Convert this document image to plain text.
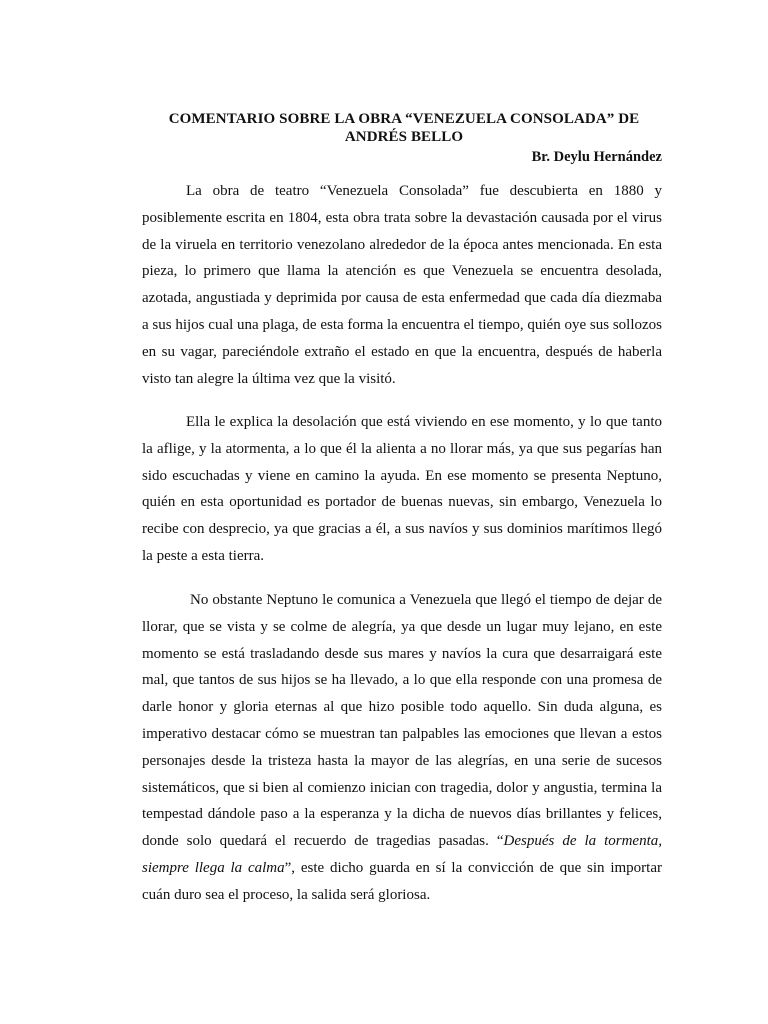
COMENTARIO SOBRE LA OBRA “VENEZUELA CONSOLADA” DE
ANDRÉS BELLO
Br. Deylu Hernández

La obra de teatro “Venezuela Consolada” fue descubierta en 1880 y posiblemente escrita en 1804, esta obra trata sobre la devastación causada por el virus de la viruela en territorio venezolano alrededor de la época antes mencionada. En esta pieza, lo primero que llama la atención es que Venezuela se encuentra desolada, azotada, angustiada y deprimida por causa de esta enfermedad que cada día diezmaba a sus hijos cual una plaga, de esta forma la encuentra el tiempo, quién oye sus sollozos en su vagar, pareciéndole extraño el estado en que la encuentra, después de haberla visto tan alegre la última vez que la visitó.

Ella le explica la desolación que está viviendo en ese momento, y lo que tanto la aflige, y la atormenta, a lo que él la alienta a no llorar más, ya que sus pegarías han sido escuchadas y viene en camino la ayuda. En ese momento se presenta Neptuno, quién en esta oportunidad es portador de buenas nuevas, sin embargo, Venezuela lo recibe con desprecio, ya que gracias a él, a sus navíos y sus dominios marítimos llegó la peste a esta tierra.

No obstante Neptuno le comunica a Venezuela que llegó el tiempo de dejar de llorar, que se vista y se colme de alegría, ya que desde un lugar muy lejano, en este momento se está trasladando desde sus mares y navíos la cura que desarraigará este mal, que tantos de sus hijos se ha llevado, a lo que ella responde con una promesa de darle honor y gloria eternas al que hizo posible todo aquello. Sin duda alguna, es imperativo destacar cómo se muestran tan palpables las emociones que llevan a estos personajes desde la tristeza hasta la mayor de las alegrías, en una serie de sucesos sistemáticos, que si bien al comienzo inician con tragedia, dolor y angustia, termina la tempestad dándole paso a la esperanza y la dicha de nuevos días brillantes y felices, donde solo quedará el recuerdo de tragedias pasadas. “Después de la tormenta, siempre llega la calma”, este dicho guarda en sí la convicción de que sin importar cuán duro sea el proceso, la salida será gloriosa.
